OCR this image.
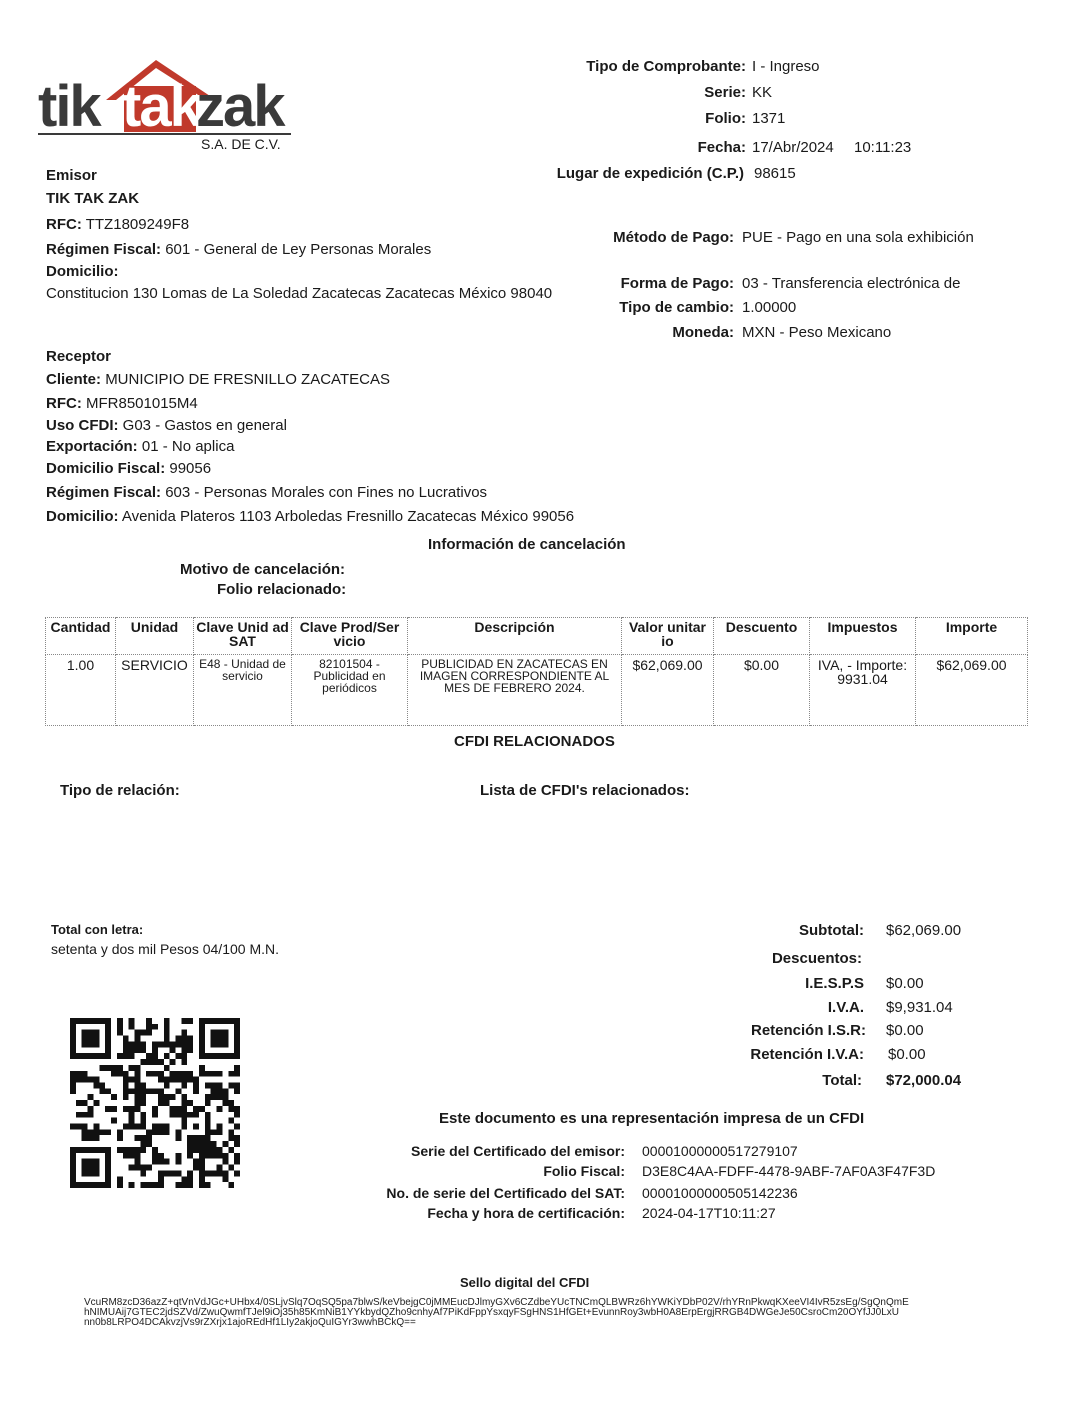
tik tak
zak
S.A. DE C.V.
Tipo de Comprobante: I - Ingreso
Serie: KK
Folio: 1371
Fecha: 17/Abr/2024 10:11:23
Lugar de expedición (C.P.) 98615
Método de Pago: PUE - Pago en una sola exhibición
Forma de Pago: 03 - Transferencia electrónica de
Tipo de cambio: 1.00000
Moneda: MXN - Peso Mexicano
Emisor
TIK TAK ZAK
RFC: TTZ1809249F8
Régimen Fiscal: 601 - General de Ley Personas Morales
Domicilio:
Constitucion 130 Lomas de La Soledad Zacatecas Zacatecas México 98040
Receptor
Cliente: MUNICIPIO DE FRESNILLO ZACATECAS
RFC: MFR8501015M4
Uso CFDI: G03 - Gastos en general
Exportación: 01 - No aplica
Domicilio Fiscal: 99056
Régimen Fiscal: 603 - Personas Morales con Fines no Lucrativos
Domicilio: Avenida Plateros 1103 Arboledas Fresnillo Zacatecas México 99056
Información de cancelación
Motivo de cancelación:
Folio relacionado:
Cantidad	Unidad	Clave Unid ad SAT	Clave Prod/Ser vicio	Descripción	Valor unitar io	Descuento	Impuestos	Importe
1.00	SERVICIO	E48 - Unidad de servicio	82101504 - Publicidad en periódicos	PUBLICIDAD EN ZACATECAS EN IMAGEN CORRESPONDIENTE AL MES DE FEBRERO 2024.	$62,069.00	$0.00	IVA, - Importe: 9931.04	$62,069.00
CFDI RELACIONADOS
Tipo de relación:	Lista de CFDI's relacionados:
Total con letra:
setenta y dos mil Pesos 04/100 M.N.
Subtotal: $62,069.00
Descuentos:
I.E.S.P.S $0.00
I.V.A. $9,931.04
Retención I.S.R: $0.00
Retención I.V.A: $0.00
Total: $72,000.04
Este documento es una representación impresa de un CFDI
Serie del Certificado del emisor: 00001000000517279107
Folio Fiscal: D3E8C4AA-FDFF-4478-9ABF-7AF0A3F47F3D
No. de serie del Certificado del SAT: 00001000000505142236
Fecha y hora de certificación: 2024-04-17T10:11:27
Sello digital del CFDI
VcuRM8zcD36azZ+qtVnVdJGc+UHbx4/0SLjvSlq7OqSQ5pa7blwS/keVbejgC0jMMEucDJlmyGXv6CZdbeYUcTNCmQLBWRz6hYWKiYDbP02V/rhYRnPkwqKXeeVI4IvR5zsEg/SgQnQmE
hNIMUAij7GTEC2jdSZVd/ZwuQwmfTJel9iOj35h85KmNiB1YYkbydQZho9cnhyAf7PiKdFppYsxqyFSgHNS1HfGEt+EvunnRoy3wbH0A8ErpErgjRRGB4DWGeJe50CsroCm20OYfJJ0LxU
nn0b8LRPO4DCAkvzjVs9rZXrjx1ajoREdHf1LIy2akjoQuIGYr3wwhBCkQ==
